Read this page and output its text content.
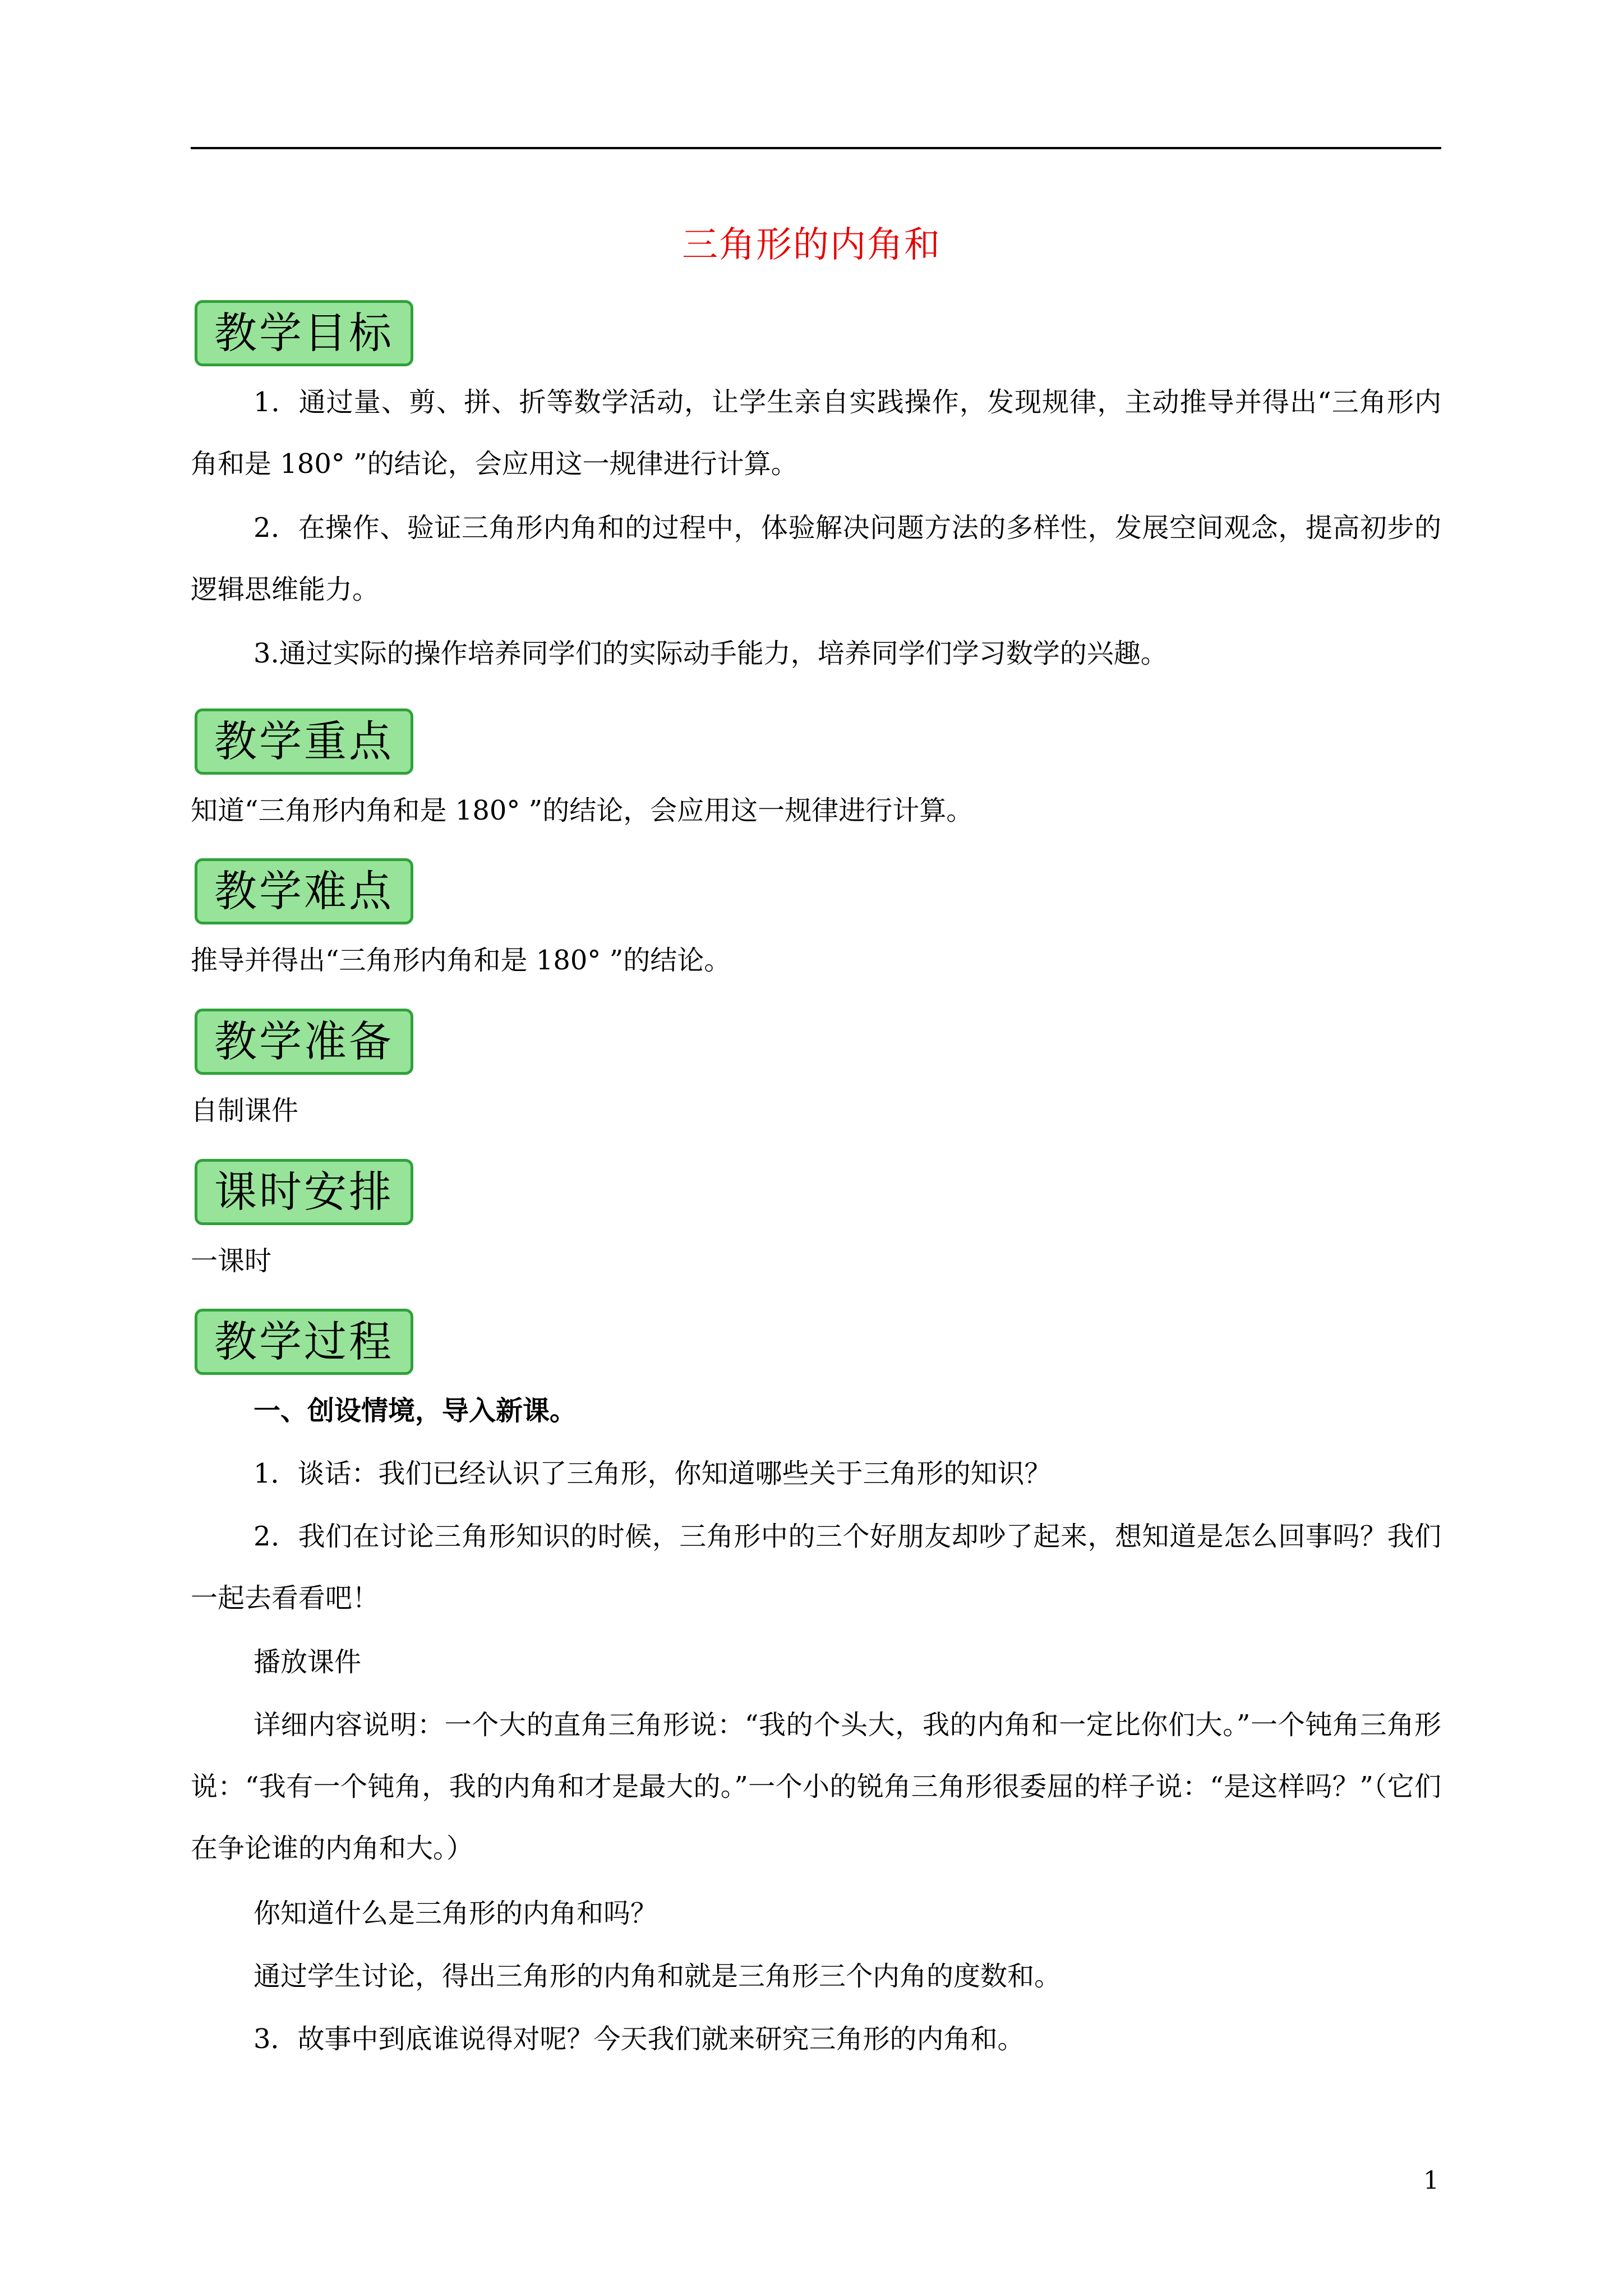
三角形的内角和
教学目标

1．通过量、剪、拼、折等数学活动，让学生亲自实践操作，发现规律，主动推导并得出“三角形内角和是 180° ”的结论，会应用这一规律进行计算。

2．在操作、验证三角形内角和的过程中，体验解决问题方法的多样性，发展空间观念，提高初步的逻辑思维能力。

3.通过实际的操作培养同学们的实际动手能力，培养同学们学习数学的兴趣。

教学重点

知道“三角形内角和是 180° ”的结论，会应用这一规律进行计算。

教学难点

推导并得出“三角形内角和是 180° ”的结论。

教学准备

自制课件

课时安排

一课时

教学过程

一、创设情境，导入新课。

1．谈话：我们已经认识了三角形，你知道哪些关于三角形的知识？

2．我们在讨论三角形知识的时候，三角形中的三个好朋友却吵了起来，想知道是怎么回事吗？我们一起去看看吧！

播放课件

详细内容说明：一个大的直角三角形说：“我的个头大，我的内角和一定比你们大。”一个钝角三角形说：“我有一个钝角，我的内角和才是最大的。”一个小的锐角三角形很委屈的样子说：“是这样吗？”（它们在争论谁的内角和大。）

你知道什么是三角形的内角和吗？

通过学生讨论，得出三角形的内角和就是三角形三个内角的度数和。

3．故事中到底谁说得对呢？今天我们就来研究三角形的内角和。

1
